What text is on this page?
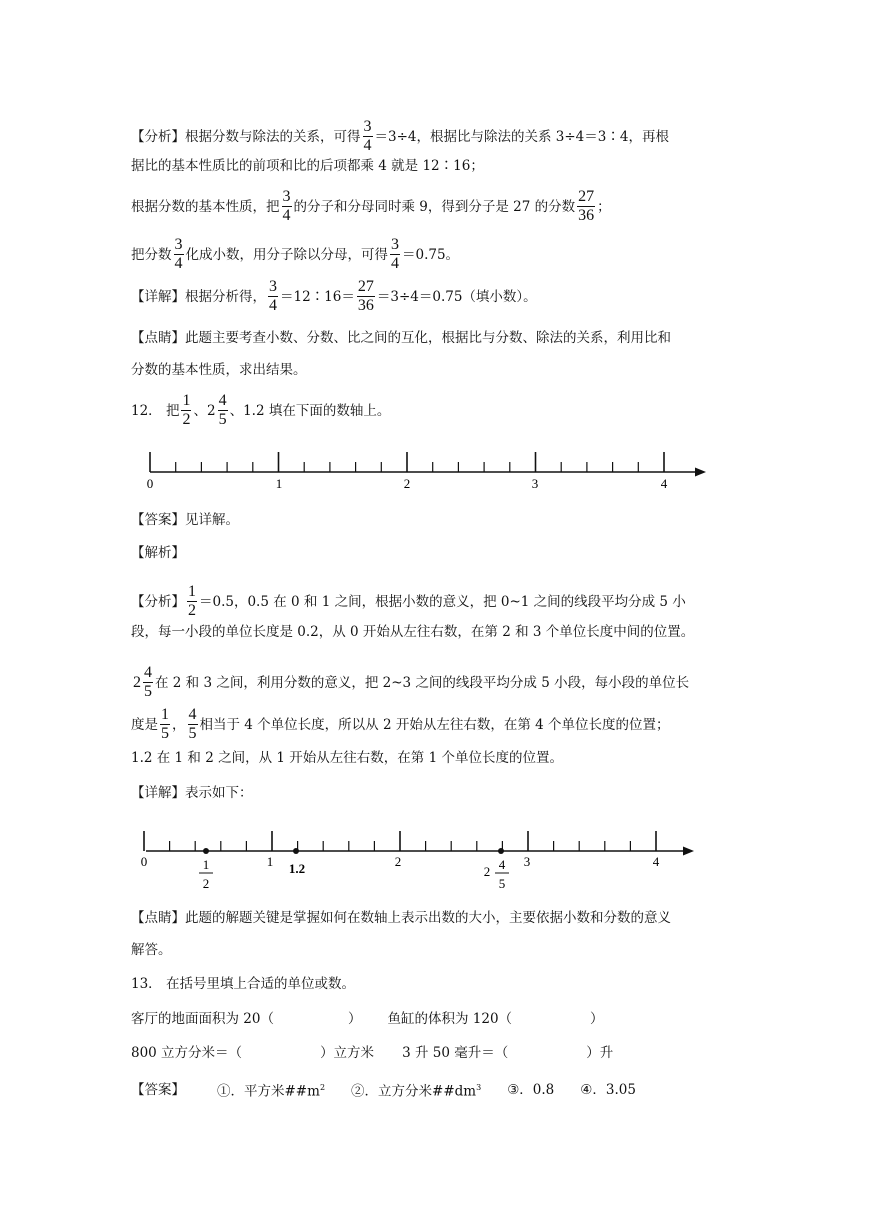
【分析】根据分数与除法的关系，可得 $\frac{3}{4} =3\div 4$，根据比与除法的关系 3÷4＝3∶4，再根
据比的基本性质比的前项和比的后项都乘 4 就是 12∶16；
根据分数的基本性质，把 $\frac{3}{4}$ 的分子和分母同时乘 9，得到分子是 27 的分数 $\frac{27}{36}$ ；
把分数 $\frac{3}{4}$ 化成小数，用分子除以分母，可得 $\frac{3}{4} =0.75$。
【详解】根据分析得， $\frac{3}{4}$ ＝12∶16＝ $\frac{27}{36} =3\div 4=0.75$（填小数）。
【点睛】此题主要考查小数、分数、比之间的互化，根据比与分数、除法的关系，利用比和
分数的基本性质，求出结果。
12． 把 $\frac{1}{2}$ 、$2 \frac{4}{5}$ 、1.2 填在下面的数轴上。
0	1	2	3	4
【答案】见详解。
【解析】
【分析】 $\frac{1}{2} =0.5$，0.5 在 0 和 1 之间，根据小数的意义，把 0~1 之间的线段平均分成 5 小
段，每一小段的单位长度是 0.2，从 0 开始从左往右数，在第 2 和 3 个单位长度中间的位置。
$2 \frac{4}{5}$ 在 2 和 3 之间，利用分数的意义，把 2~3 之间的线段平均分成 5 小段，每小段的单位长
度是 $\frac{1}{5}$ ， $\frac{4}{5}$ 相当于 4 个单位长度，所以从 2 开始从左往右数，在第 4 个单位长度的位置；
1.2 在 1 和 2 之间，从 1 开始从左往右数，在第 1 个单位长度的位置。
【详解】表示如下：
0	1	2	3	4
1
2
1.2	2 4
5
【点睛】此题的解题关键是掌握如何在数轴上表示出数的大小，主要依据小数和分数的意义
解答。
13． 在括号里填上合适的单位或数。
客厅的地面面积为 20（	） 鱼缸的体积为 120（	）
800 立方分米＝（	）立方米 3 升 50 毫升＝（	）升
【答案】 ①．平方米$\#\#m^2$ ②．立方分米$\#\#dm^3$ ③．0.8 ④．3.05
